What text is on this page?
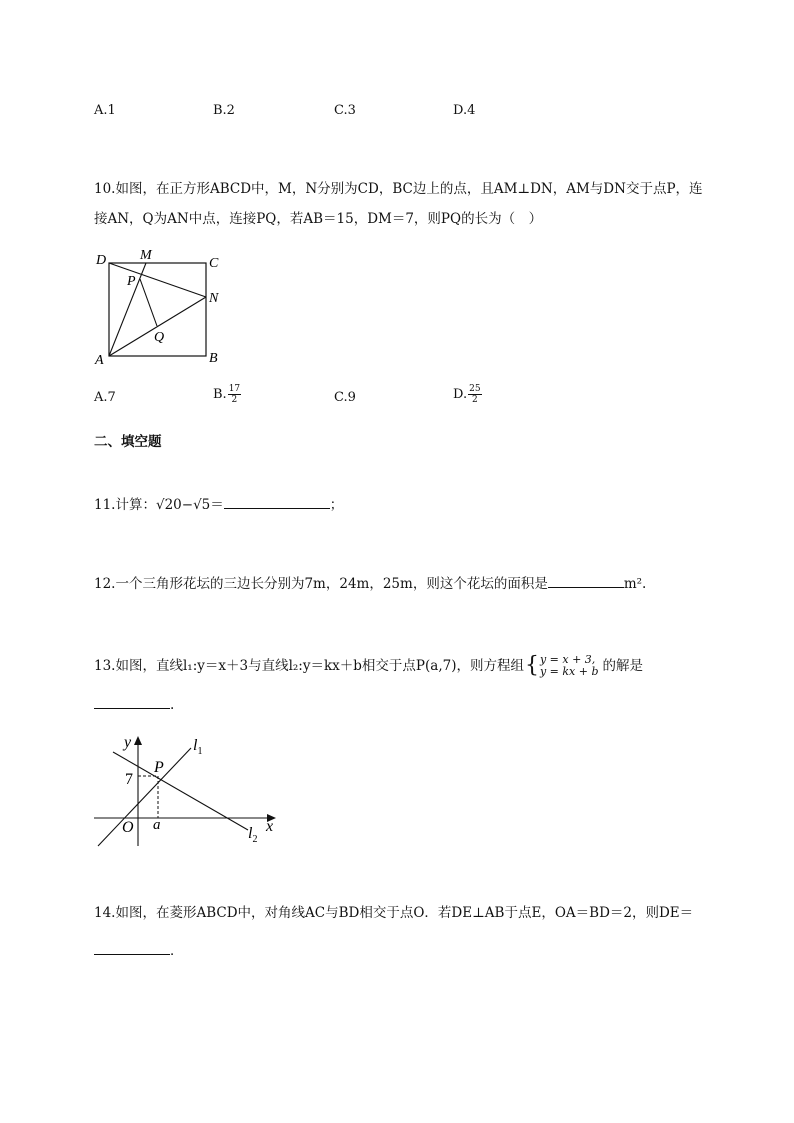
A.1	B.2	C.3	D.4
10.如图，在正方形ABCD中，M，N分别为CD，BC边上的点，且AM⊥DN，AM与DN交于点P，连
接AN，Q为AN中点，连接PQ，若AB＝15，DM＝7，则PQ的长为（　）
D M
C
P
N
Q
A	B
A.7	B. $\frac{17}{2}$	C.9	D. $\frac{25}{2}$
二、填空题
11.计算：√20−√5＝	；
12.一个三角形花坛的三边长分别为7m，24m，25m，则这个花坛的面积是	m².
13.如图，直线l₁:y＝x＋3与直线l₂:y＝kx＋b相交于点P(a,7)，则方程组 { y = x + 3,
y = kx + b 的解是
.
y
x
O
P
7
a
$l_1$
$l_2$
14.如图，在菱形ABCD中，对角线AC与BD相交于点O．若DE⊥AB于点E，OA＝BD＝2，则DE＝
．
